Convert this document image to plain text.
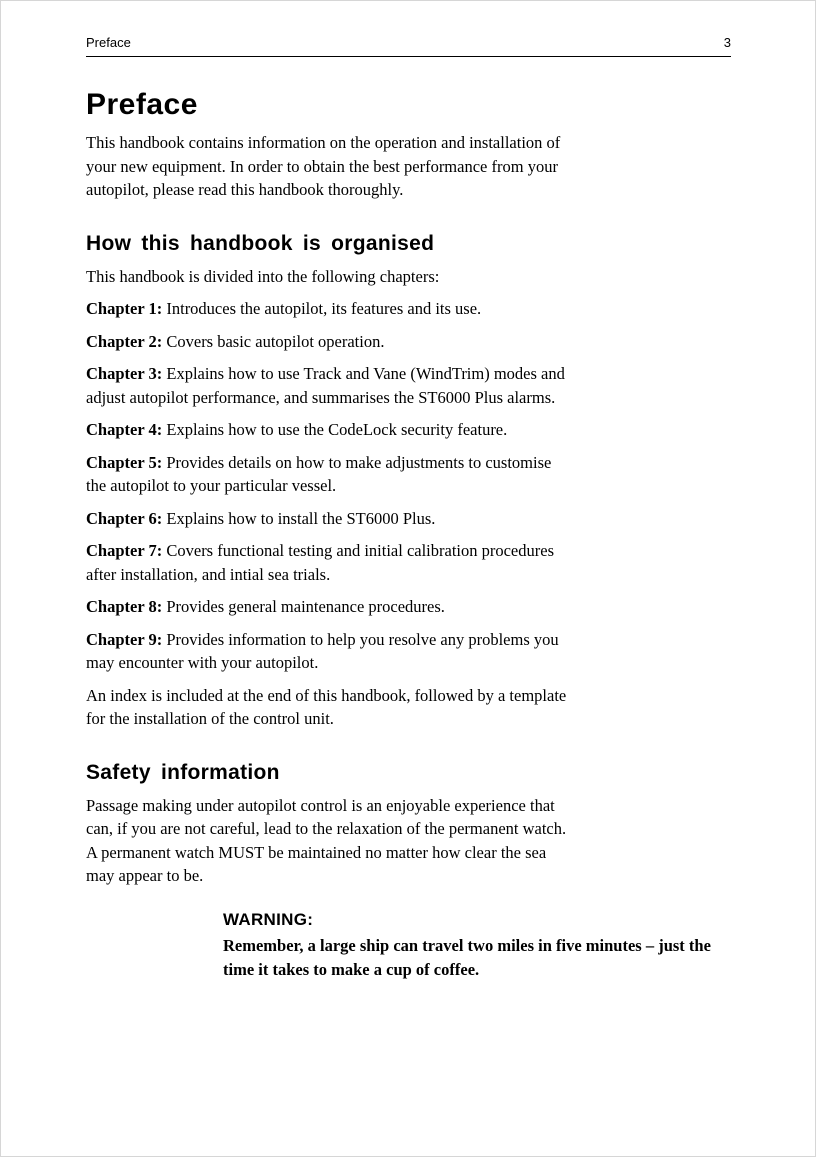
Preface	3
Preface

This handbook contains information on the operation and installation of your new equipment. In order to obtain the best performance from your autopilot, please read this handbook thoroughly.

How this handbook is organised

This handbook is divided into the following chapters:

Chapter 1: Introduces the autopilot, its features and its use.

Chapter 2: Covers basic autopilot operation.

Chapter 3: Explains how to use Track and Vane (WindTrim) modes and adjust autopilot performance, and summarises the ST6000 Plus alarms.

Chapter 4: Explains how to use the CodeLock security feature.

Chapter 5: Provides details on how to make adjustments to customise the autopilot to your particular vessel.

Chapter 6: Explains how to install the ST6000 Plus.

Chapter 7: Covers functional testing and initial calibration procedures after installation, and intial sea trials.

Chapter 8: Provides general maintenance procedures.

Chapter 9: Provides information to help you resolve any problems you may encounter with your autopilot.

An index is included at the end of this handbook, followed by a template for the installation of the control unit.

Safety information

Passage making under autopilot control is an enjoyable experience that can, if you are not careful, lead to the relaxation of the permanent watch. A permanent watch MUST be maintained no matter how clear the sea may appear to be.

WARNING:

Remember, a large ship can travel two miles in five minutes – just the time it takes to make a cup of coffee.
